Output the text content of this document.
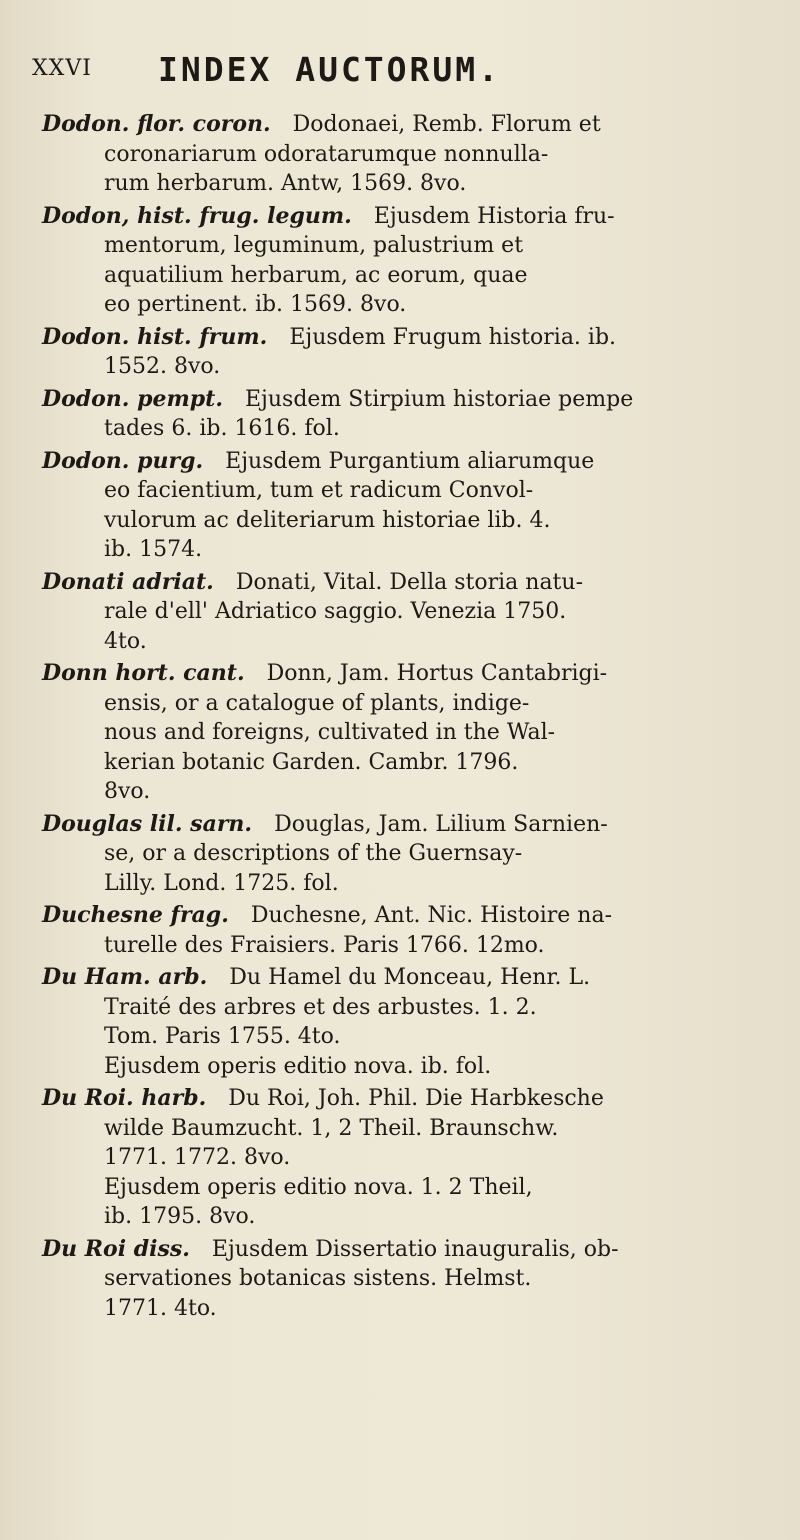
XXVI INDEX AUCTORUM.
Dodon. flor. coron. Dodonaei, Remb. Florum et
coronariarum odoratarumque nonnulla-
rum herbarum. Antw, 1569. 8vo.
Dodon, hist. frug. legum. Ejusdem Historia fru-
mentorum, leguminum, palustrium et
aquatilium herbarum, ac eorum, quae
eo pertinent. ib. 1569. 8vo.
Dodon. hist. frum. Ejusdem Frugum historia. ib.
1552. 8vo.
Dodon. pempt. Ejusdem Stirpium historiae pempe
tades 6. ib. 1616. fol.
Dodon. purg. Ejusdem Purgantium aliarumque
eo facientium, tum et radicum Convol-
vulorum ac deliteriarum historiae lib. 4.
ib. 1574.
Donati adriat. Donati, Vital. Della storia natu-
rale d'ell' Adriatico saggio. Venezia 1750.
4to.
Donn hort. cant. Donn, Jam. Hortus Cantabrigi-
ensis, or a catalogue of plants, indige-
nous and foreigns, cultivated in the Wal-
kerian botanic Garden. Cambr. 1796.
8vo.
Douglas lil. sarn. Douglas, Jam. Lilium Sarnien-
se, or a descriptions of the Guernsay-
Lilly. Lond. 1725. fol.
Duchesne frag. Duchesne, Ant. Nic. Histoire na-
turelle des Fraisiers. Paris 1766. 12mo.
Du Ham. arb. Du Hamel du Monceau, Henr. L.
Traité des arbres et des arbustes. 1. 2.
Tom. Paris 1755. 4to.
Ejusdem operis editio nova. ib. fol.
Du Roi. harb. Du Roi, Joh. Phil. Die Harbkesche
wilde Baumzucht. 1, 2 Theil. Braunschw.
1771. 1772. 8vo.
Ejusdem operis editio nova. 1. 2 Theil,
ib. 1795. 8vo.
Du Roi diss. Ejusdem Dissertatio inauguralis, ob-
servationes botanicas sistens. Helmst.
1771. 4to.
